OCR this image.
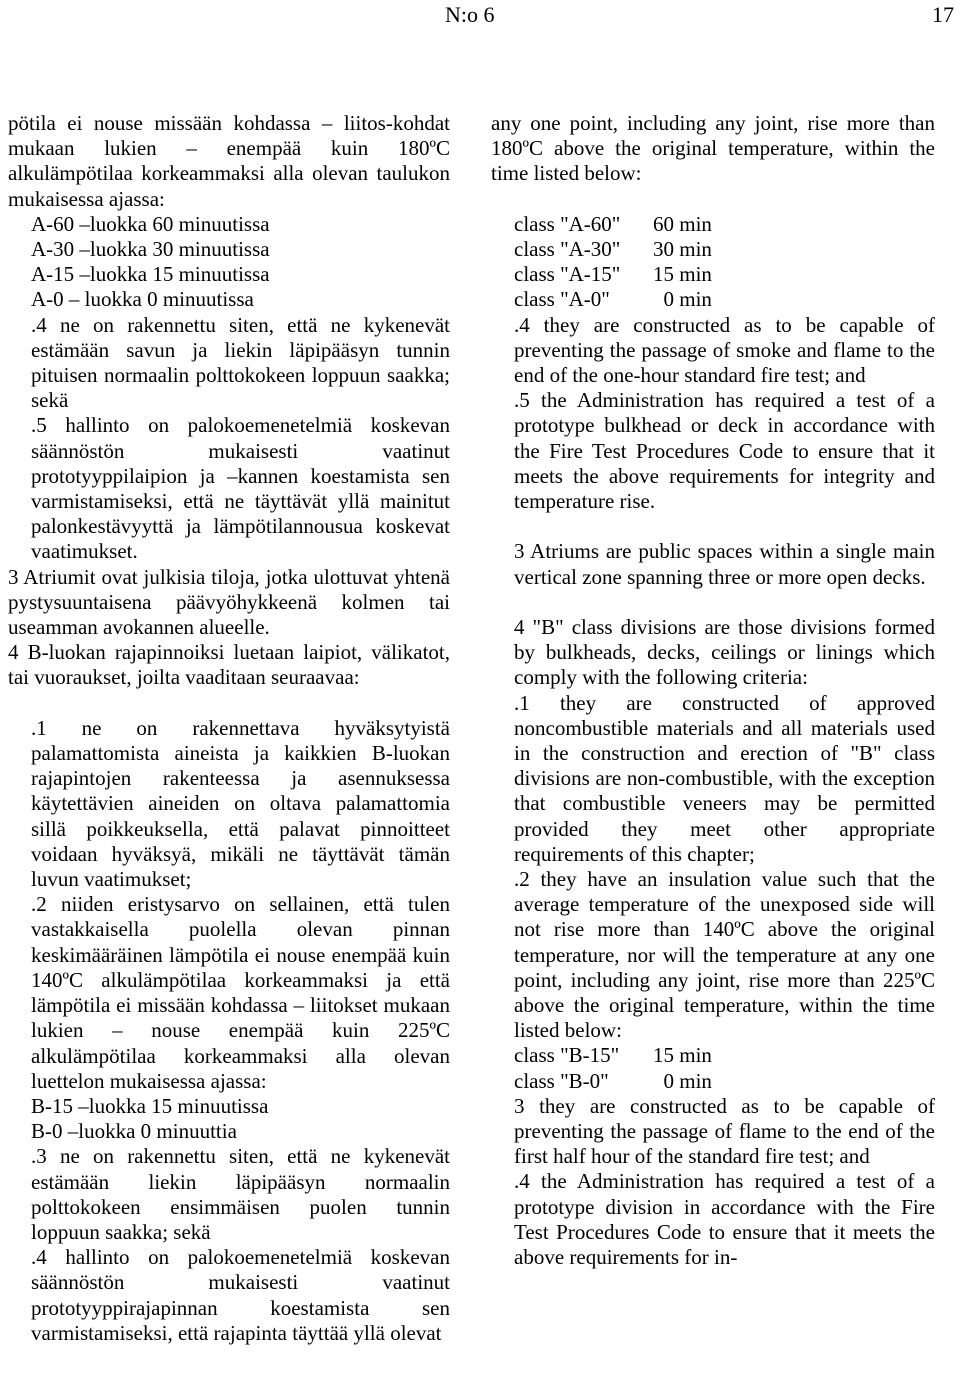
N:o 6	17

pötila ei nouse missään kohdassa – liitos-kohdat mukaan lukien – enempää kuin 180ºC alkulämpötilaa korkeammaksi alla olevan taulukon mukaisessa ajassa:

A-60 –luokka 60 minuutissa

A-30 –luokka 30 minuutissa

A-15 –luokka 15 minuutissa

A-0 – luokka 0 minuutissa

.4 ne on rakennettu siten, että ne kykenevät estämään savun ja liekin läpipääsyn tunnin pituisen normaalin polttokokeen loppuun saakka; sekä

.5 hallinto on palokoemenetelmiä koskevan säännöstön mukaisesti vaatinut prototyyppilaipion ja –kannen koestamista sen varmistamiseksi, että ne täyttävät yllä mainitut palonkestävyyttä ja lämpötilannousua koskevat vaatimukset.

3 Atriumit ovat julkisia tiloja, jotka ulottuvat yhtenä pystysuuntaisena päävyöhykkeenä kolmen tai useamman avokannen alueelle.

4 B-luokan rajapinnoiksi luetaan laipiot, välikatot, tai vuoraukset, joilta vaaditaan seuraavaa:

.1 ne on rakennettava hyväksytyistä palamattomista aineista ja kaikkien B-luokan rajapintojen rakenteessa ja asennuksessa käytettävien aineiden on oltava palamattomia sillä poikkeuksella, että palavat pinnoitteet voidaan hyväksyä, mikäli ne täyttävät tämän luvun vaatimukset;

.2 niiden eristysarvo on sellainen, että tulen vastakkaisella puolella olevan pinnan keskimääräinen lämpötila ei nouse enempää kuin 140ºC alkulämpötilaa korkeammaksi ja että lämpötila ei missään kohdassa – liitokset mukaan lukien – nouse enempää kuin 225ºC alkulämpötilaa korkeammaksi alla olevan luettelon mukaisessa ajassa:

B-15 –luokka 15 minuutissa

B-0 –luokka 0 minuuttia

.3 ne on rakennettu siten, että ne kykenevät estämään liekin läpipääsyn normaalin polttokokeen ensimmäisen puolen tunnin loppuun saakka; sekä

.4 hallinto on palokoemenetelmiä koskevan säännöstön mukaisesti vaatinut prototyyppirajapinnan koestamista sen varmistamiseksi, että rajapinta täyttää yllä olevat

any one point, including any joint, rise more than 180ºC above the original temperature, within the time listed below:

class "A-60" 60 min

class "A-30" 30 min

class "A-15" 15 min

class "A-0"  0 min

.4 they are constructed as to be capable of preventing the passage of smoke and flame to the end of the one-hour standard fire test; and

.5 the Administration has required a test of a prototype bulkhead or deck in accordance with the Fire Test Procedures Code to ensure that it meets the above requirements for integrity and temperature rise.

3 Atriums are public spaces within a single main vertical zone spanning three or more open decks.

4 "B" class divisions are those divisions formed by bulkheads, decks, ceilings or linings which comply with the following criteria:

.1 they are constructed of approved noncombustible materials and all materials used in the construction and erection of "B" class divisions are non-combustible, with the exception that combustible veneers may be permitted provided they meet other appropriate requirements of this chapter;

.2 they have an insulation value such that the average temperature of the unexposed side will not rise more than 140ºC above the original temperature, nor will the temperature at any one point, including any joint, rise more than 225ºC above the original temperature, within the time listed below:

class "B-15" 15 min

class "B-0"  0 min

3 they are constructed as to be capable of preventing the passage of flame to the end of the first half hour of the standard fire test; and

.4 the Administration has required a test of a prototype division in accordance with the Fire Test Procedures Code to ensure that it meets the above requirements for in-
